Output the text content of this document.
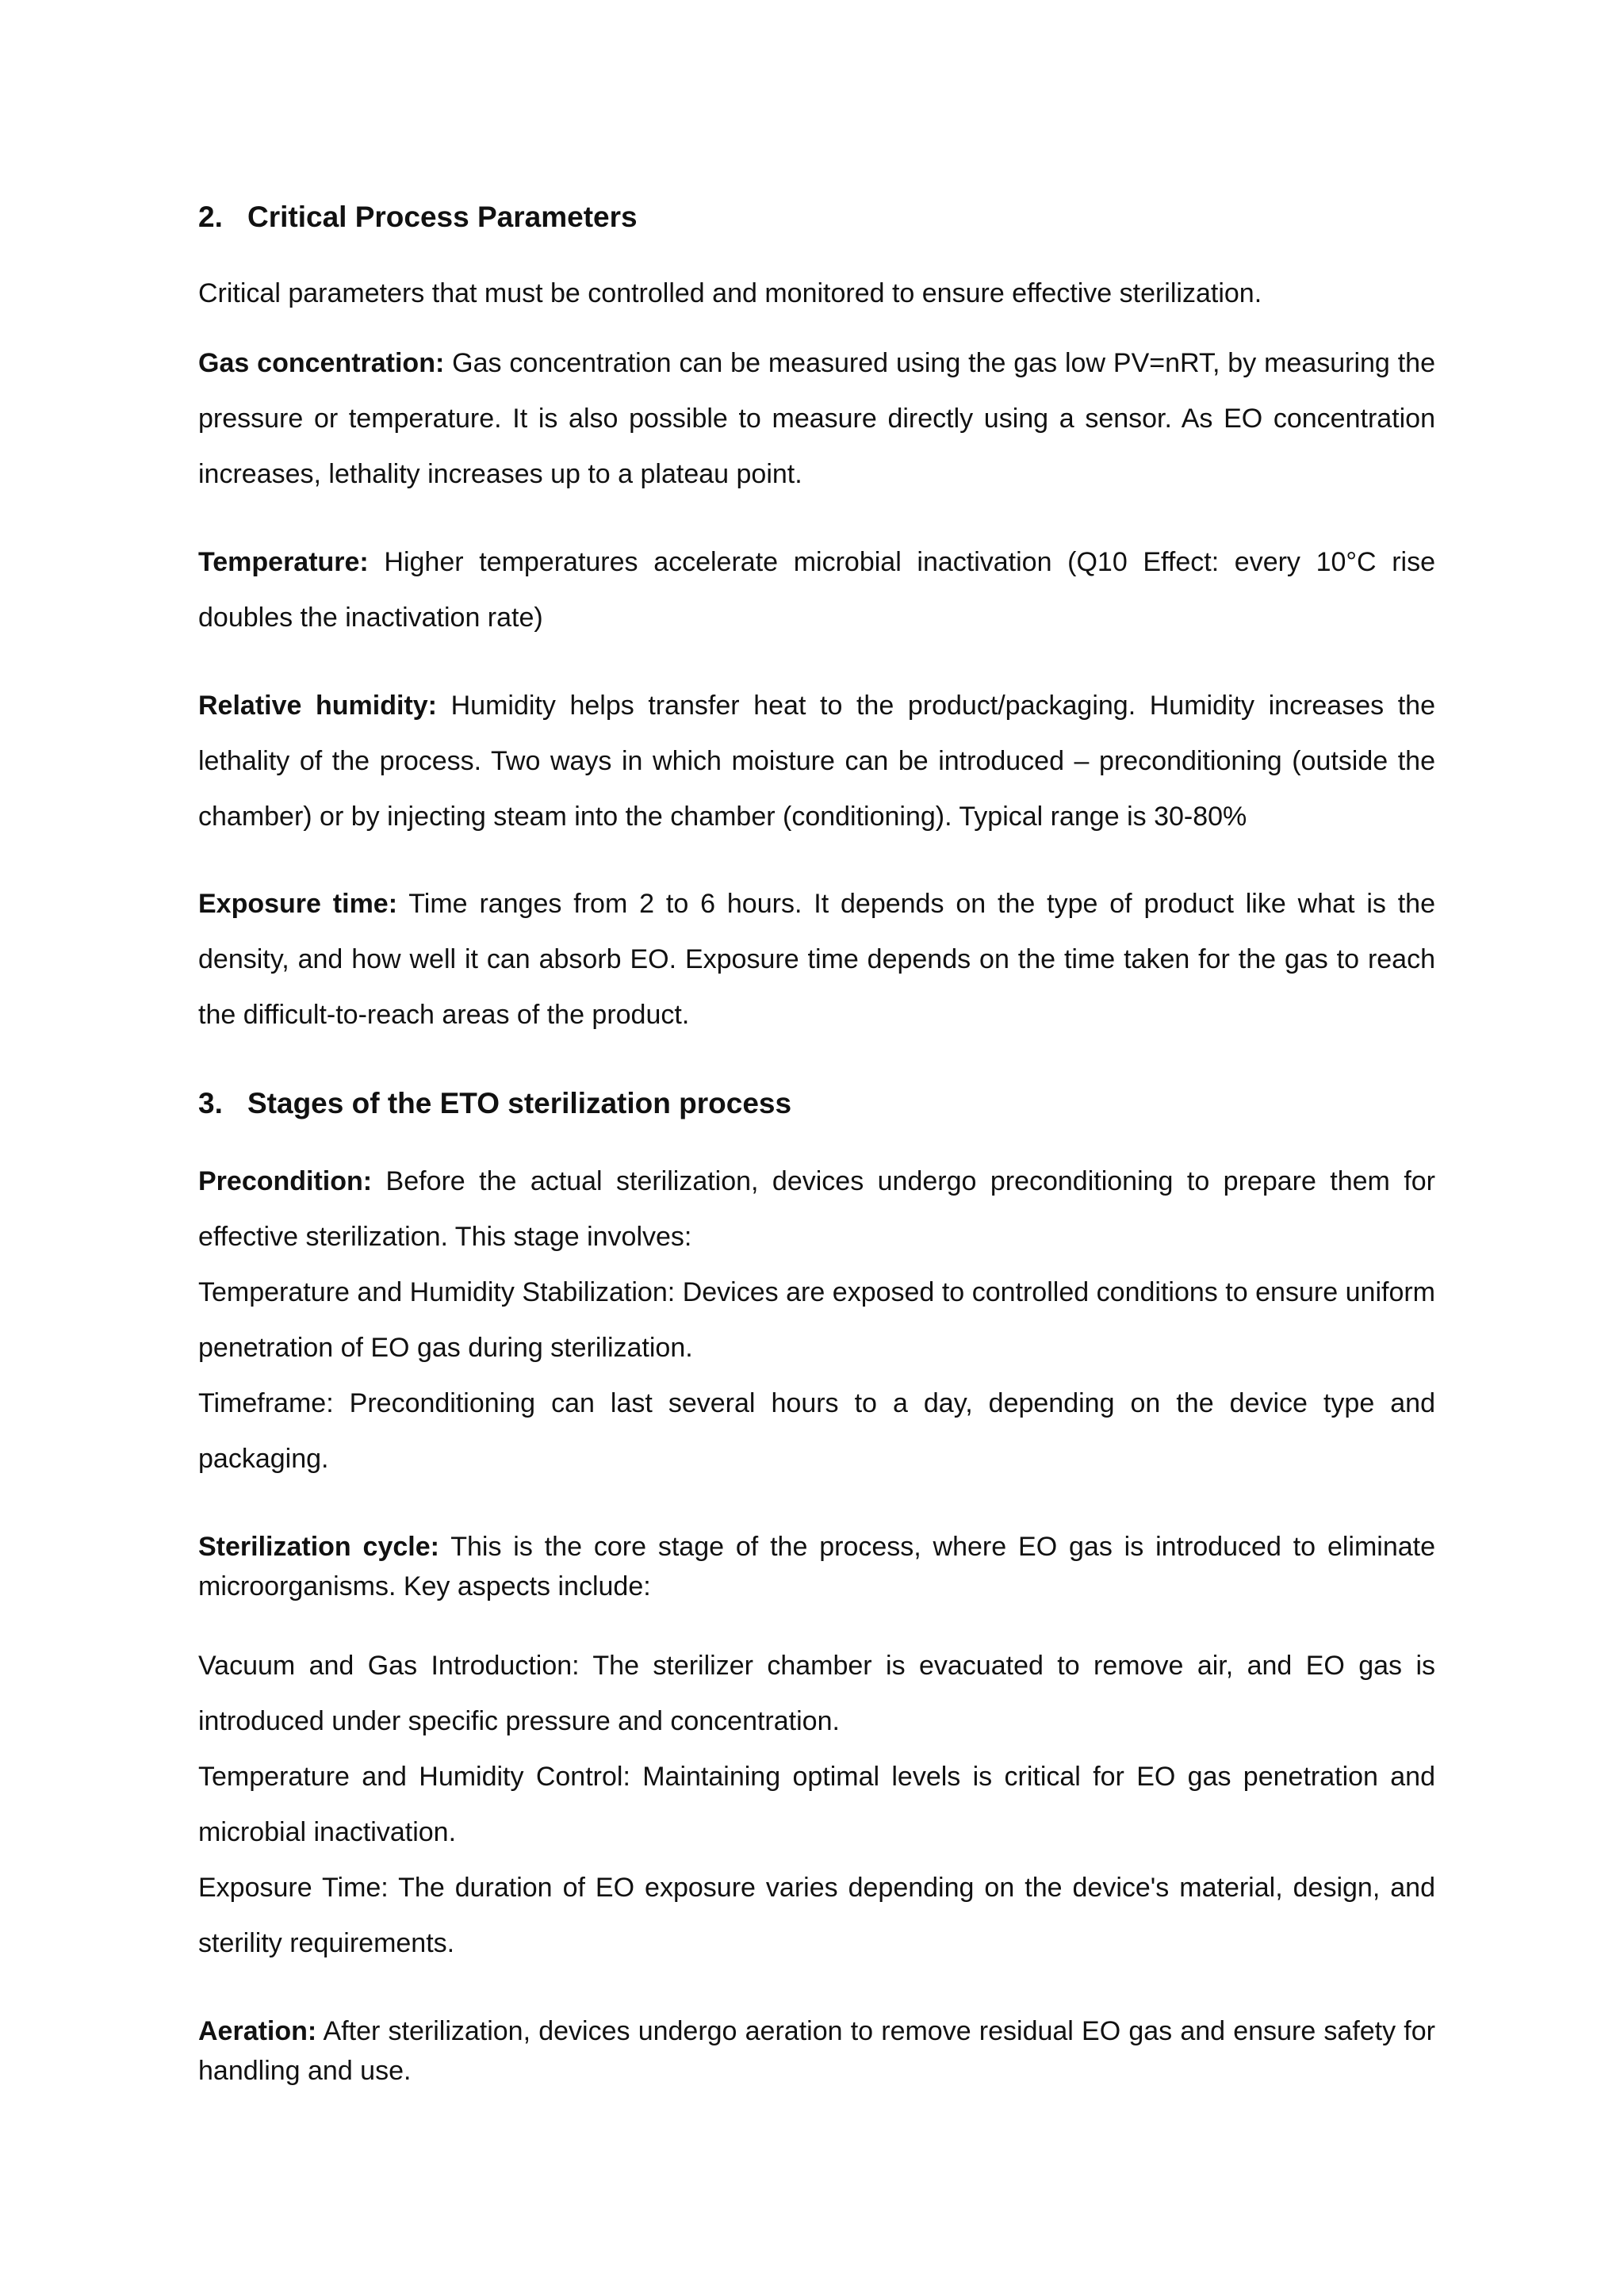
2. Critical Process Parameters

Critical parameters that must be controlled and monitored to ensure effective sterilization.

Gas concentration: Gas concentration can be measured using the gas low PV=nRT, by measuring the pressure or temperature. It is also possible to measure directly using a sensor. As EO concentration increases, lethality increases up to a plateau point.

Temperature: Higher temperatures accelerate microbial inactivation (Q10 Effect: every 10°C rise doubles the inactivation rate)

Relative humidity: Humidity helps transfer heat to the product/packaging. Humidity increases the lethality of the process. Two ways in which moisture can be introduced – preconditioning (outside the chamber) or by injecting steam into the chamber (conditioning). Typical range is 30-80%

Exposure time: Time ranges from 2 to 6 hours. It depends on the type of product like what is the density, and how well it can absorb EO. Exposure time depends on the time taken for the gas to reach the difficult-to-reach areas of the product.

3. Stages of the ETO sterilization process

Precondition: Before the actual sterilization, devices undergo preconditioning to prepare them for effective sterilization. This stage involves:

Temperature and Humidity Stabilization: Devices are exposed to controlled conditions to ensure uniform penetration of EO gas during sterilization.

Timeframe: Preconditioning can last several hours to a day, depending on the device type and packaging.

Sterilization cycle: This is the core stage of the process, where EO gas is introduced to eliminate microorganisms. Key aspects include:

Vacuum and Gas Introduction: The sterilizer chamber is evacuated to remove air, and EO gas is introduced under specific pressure and concentration.

Temperature and Humidity Control: Maintaining optimal levels is critical for EO gas penetration and microbial inactivation.

Exposure Time: The duration of EO exposure varies depending on the device's material, design, and sterility requirements.

Aeration: After sterilization, devices undergo aeration to remove residual EO gas and ensure safety for handling and use.
